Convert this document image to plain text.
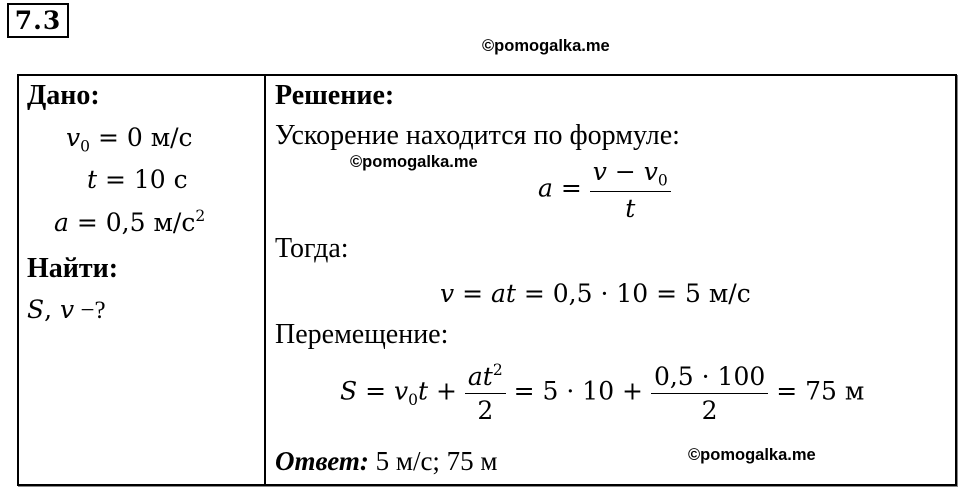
7.3
©pomogalka.me
Дано:
$v_0 = 0$ м/с
t = 10 с
a = 0,5 $м/с^2$
Найти:
S, v −?
Решение:
Ускорение находится по формуле:
©pomogalka.me
$a = \frac{v - v_0}{t}$
Тогда:
v = at = 0,5 · 10 = 5 м/с
Перемещение:
$S = v_0t + \frac{at^2}{2} = 5 \cdot 10 + \frac{0,5 \cdot 100}{2} = 75$ м
Ответ: 5 м/с; 75 м	©pomogalka.me
